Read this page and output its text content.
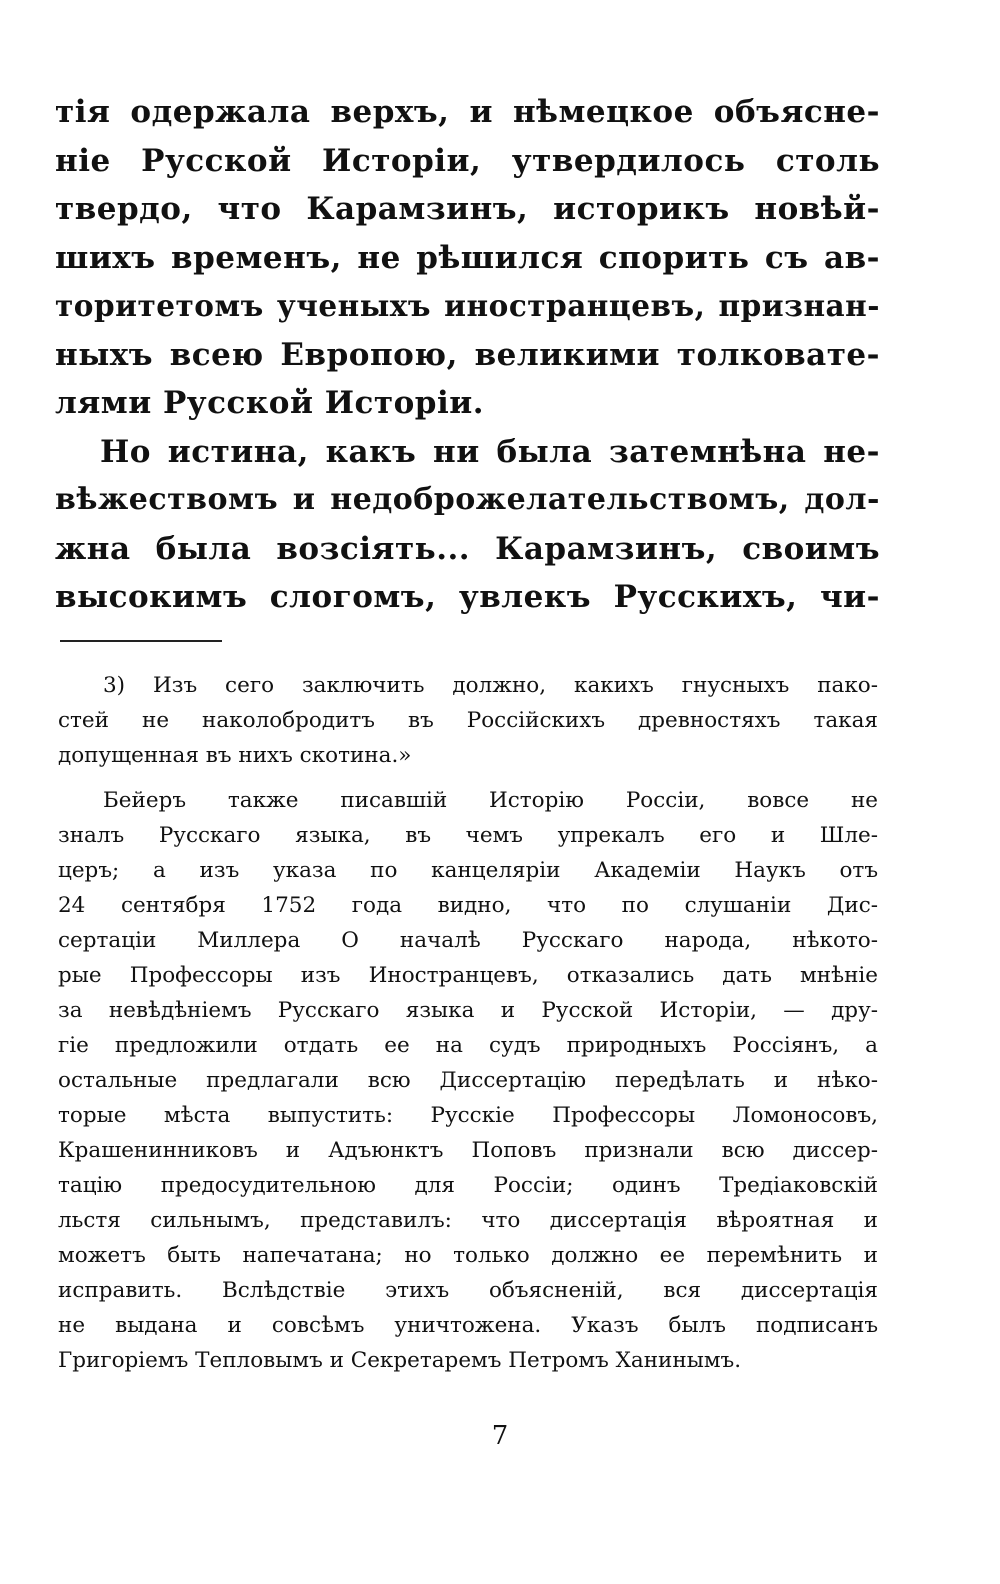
тія одержала верхъ, и нѣмецкое объясне-
ніе Русской Исторіи, утвердилось столь
твердо, что Карамзинъ, историкъ новѣй-
шихъ временъ, не рѣшился спорить съ ав-
торитетомъ ученыхъ иностранцевъ, признан-
ныхъ всею Европою, великими толковате-
лями Русской Исторіи.
Но истина, какъ ни была затемнѣна не-
вѣжествомъ и недоброжелательствомъ, дол-
жна была возсіять... Карамзинъ, своимъ
высокимъ слогомъ, увлекъ Русскихъ, чи-
3) Изъ сего заключить должно, какихъ гнусныхъ пако-
стей не наколобродитъ въ Россійскихъ древностяхъ такая
допущенная въ нихъ скотина.»
Бейеръ также писавшій Исторію Россіи, вовсе не
зналъ Русскаго языка, въ чемъ упрекалъ его и Шле-
церъ; а изъ указа по канцеляріи Академіи Наукъ отъ
24 сентября 1752 года видно, что по слушаніи Дис-
сертаціи Миллера О началѣ Русскаго народа, нѣкото-
рые Профессоры изъ Иностранцевъ, отказались дать мнѣніе
за невѣдѣніемъ Русскаго языка и Русской Исторіи, — дру-
гіе предложили отдать ее на судъ природныхъ Россіянъ, а
остальные предлагали всю Диссертацію передѣлать и нѣко-
торые мѣста выпустить: Русскіе Профессоры Ломоносовъ,
Крашенинниковъ и Адъюнктъ Поповъ признали всю диссер-
тацію предосудительною для Россіи; одинъ Тредіаковскій
льстя сильнымъ, представилъ: что диссертація вѣроятная и
можетъ быть напечатана; но только должно ее перемѣнить и
исправить. Вслѣдствіе этихъ объясненій, вся диссертація
не выдана и совсѣмъ уничтожена. Указъ былъ подписанъ
Григоріемъ Тепловымъ и Секретаремъ Петромъ Ханинымъ.
7
